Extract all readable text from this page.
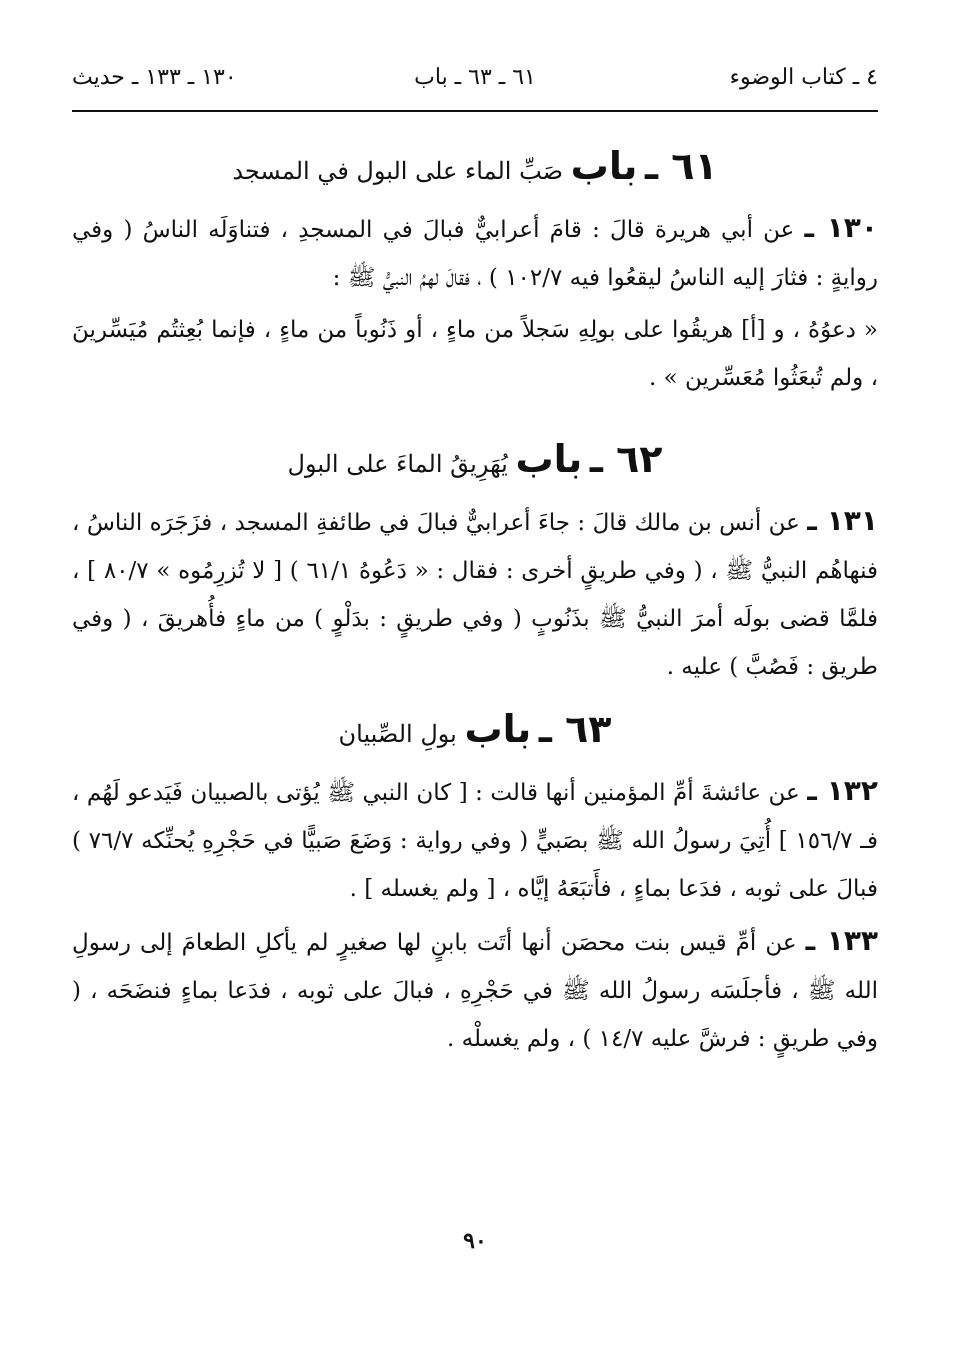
٤ ـ كتاب الوضوء
٦١ ـ ٦٣ ـ باب
١٣٠ ـ ١٣٣ ـ حديث
٦١ ـ باب صَبِّ الماء على البول في المسجد

١٣٠ ـ عن أبي هريرة قالَ : قامَ أعرابيٌّ فبالَ في المسجدِ ، فتناوَلَه الناسُ ( وفي روايةٍ : فثارَ إليه الناسُ ليقعُوا فيه ١٠٢/٧ ) ، فقالَ لهمُ النبيُّ ﷺ :

« دعوُهُ ، و [أ] هريقُوا على بولِهِ سَجلاً من ماءٍ ، أو ذَنُوباً من ماءٍ ، فإنما بُعِثتُم مُيَسِّرينَ ، ولم تُبعَثُوا مُعَسِّرين » .

٦٢ ـ باب يُهَرِيقُ الماءَ على البول

١٣١ ـ عن أنس بن مالك قالَ : جاءَ أعرابيٌّ فبالَ في طائفةِ المسجد ، فزَجَرَه الناسُ ، فنهاهُم النبيُّ ﷺ ، ( وفي طريقٍ أخرى : فقال : « دَعُوهُ ٦١/١ ) [ لا تُزرِمُوه » ٨٠/٧ ] ، فلمَّا قضى بولَه أمرَ النبيُّ ﷺ بذَنُوبٍ ( وفي طريقٍ : بدَلْوٍ ) من ماءٍ فأُهريقَ ، ( وفي طريق : فَصُبَّ ) عليه .

٦٣ ـ باب بولِ الصِّبيان

١٣٢ ـ عن عائشةَ أمِّ المؤمنين أنها قالت : [ كان النبي ﷺ يُؤتى بالصبيان فَيَدعو لَهُم ، فـ ١٥٦/٧ ] أُتِيَ رسولُ الله ﷺ بصَبيٍّ ( وفي رواية : وَضَعَ صَبيًّا في حَجْرِهِ يُحنِّكه ٧٦/٧ ) فبالَ على ثوبه ، فدَعا بماءٍ ، فأَتبَعَهُ إيَّاه ، [ ولم يغسله ] .

١٣٣ ـ عن أمِّ قيس بنت محصَن أنها أتَت بابنٍ لها صغيرٍ لم يأكلِ الطعامَ إلى رسولِ الله ﷺ ، فأجلَسَه رسولُ الله ﷺ في حَجْرِهِ ، فبالَ على ثوبه ، فدَعا بماءٍ فنضَحَه ، ( وفي طريقٍ : فرشَّ عليه ١٤/٧ ) ، ولم يغسلْه .

٩٠
